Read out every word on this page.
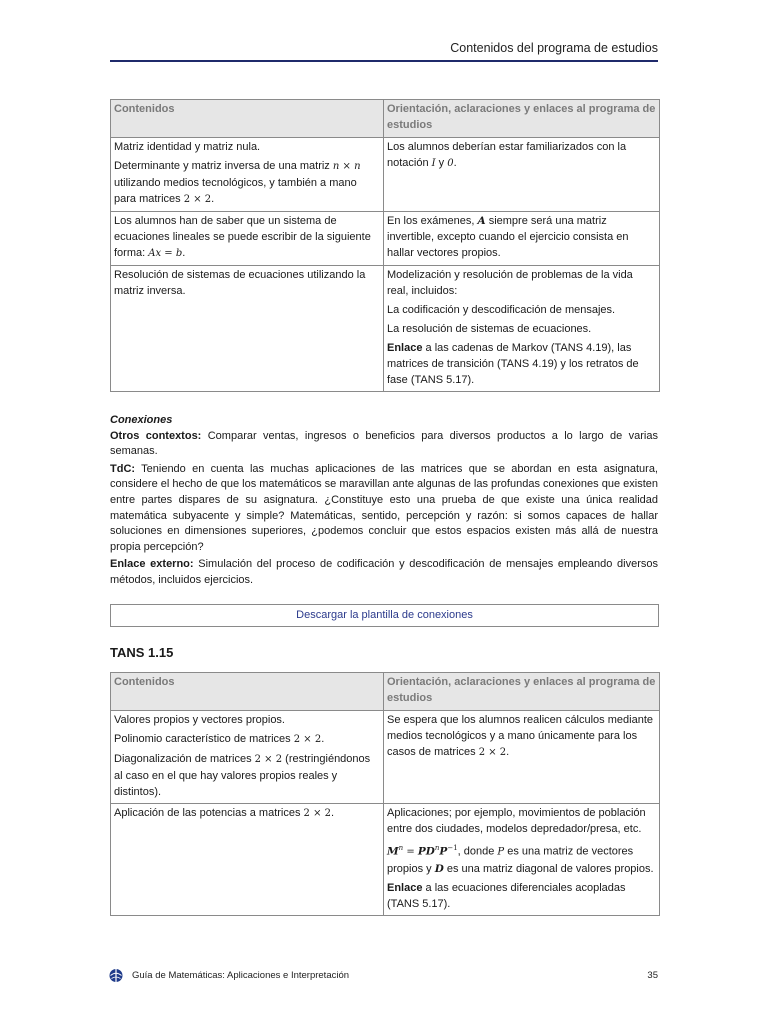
Contenidos del programa de estudios
Contenidos	Orientación, aclaraciones y enlaces al programa de estudios

Matriz identidad y matriz nula.

Determinante y matriz inversa de una matriz n × n utilizando medios tecnológicos, y también a mano para matrices 2 × 2.	Los alumnos deberían estar familiarizados con la notación I y 0.

Los alumnos han de saber que un sistema de ecuaciones lineales se puede escribir de la siguiente forma: Ax = b.	En los exámenes, A siempre será una matriz invertible, excepto cuando el ejercicio consista en hallar vectores propios.

Resolución de sistemas de ecuaciones utilizando la matriz inversa.	Modelización y resolución de problemas de la vida real, incluidos:

La codificación y descodificación de mensajes.

La resolución de sistemas de ecuaciones.

Enlace a las cadenas de Markov (TANS 4.19), las matrices de transición (TANS 4.19) y los retratos de fase (TANS 5.17).

Conexiones

Otros contextos: Comparar ventas, ingresos o beneficios para diversos productos a lo largo de varias semanas.

TdC: Teniendo en cuenta las muchas aplicaciones de las matrices que se abordan en esta asignatura, considere el hecho de que los matemáticos se maravillan ante algunas de las profundas conexiones que existen entre partes dispares de su asignatura. ¿Constituye esto una prueba de que existe una única realidad matemática subyacente y simple? Matemáticas, sentido, percepción y razón: si somos capaces de hallar soluciones en dimensiones superiores, ¿podemos concluir que estos espacios existen más allá de nuestra propia percepción?

Enlace externo: Simulación del proceso de codificación y descodificación de mensajes empleando diversos métodos, incluidos ejercicios.

Descargar la plantilla de conexiones
TANS 1.15
Contenidos	Orientación, aclaraciones y enlaces al programa de estudios

Valores propios y vectores propios.

Polinomio característico de matrices 2 × 2.

Diagonalización de matrices 2 × 2 (restringiéndonos al caso en el que hay valores propios reales y distintos).	Se espera que los alumnos realicen cálculos mediante medios tecnológicos y a mano únicamente para los casos de matrices 2 × 2.

Aplicación de las potencias a matrices 2 × 2.	Aplicaciones; por ejemplo, movimientos de población entre dos ciudades, modelos depredador/presa, etc.

$M^n = PD^nP^{-1}$, donde P es una matriz de vectores propios y D es una matriz diagonal de valores propios.

Enlace a las ecuaciones diferenciales acopladas (TANS 5.17).

Guía de Matemáticas: Aplicaciones e Interpretación	35
